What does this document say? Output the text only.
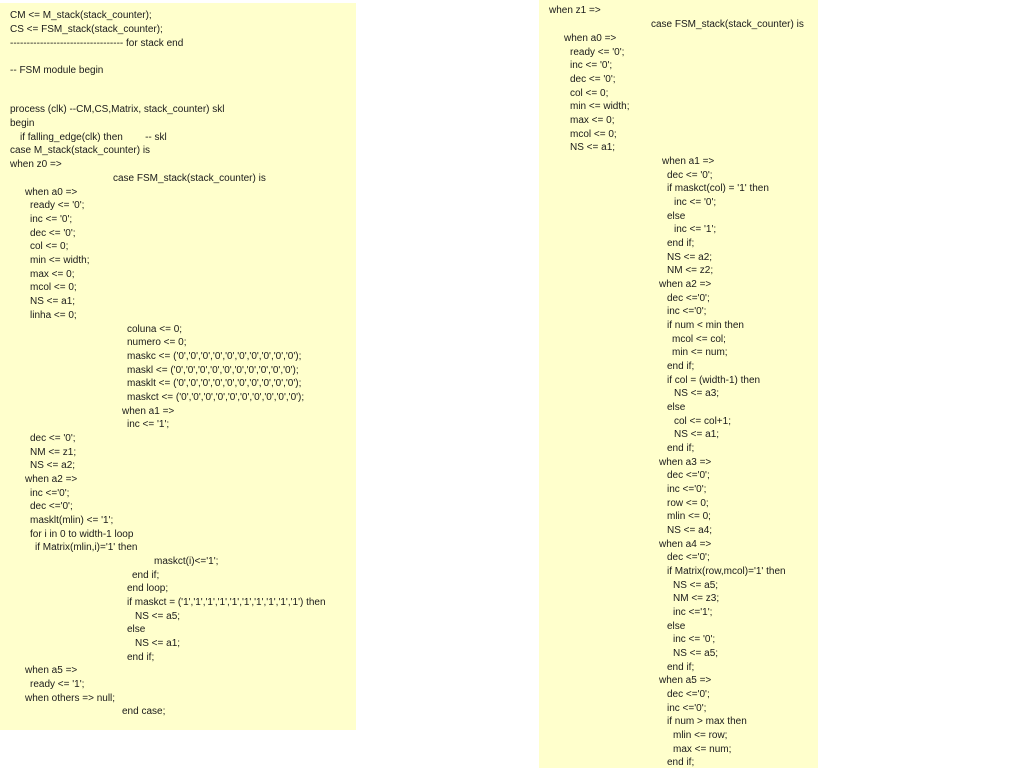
CM <= M_stack(stack_counter);
CS <= FSM_stack(stack_counter);
---------------------------------- for stack end
-- FSM module begin
process (clk) --CM,CS,Matrix, stack_counter) skl
begin
if falling_edge(clk) then        -- skl
case M_stack(stack_counter) is
when z0 =>
case FSM_stack(stack_counter) is
when a0 =>
ready <= '0';
inc <= '0';
dec <= '0';
col <= 0;
min <= width;
max <= 0;
mcol <= 0;
NS <= a1;
linha <= 0;
coluna <= 0;
numero <= 0;
maskc <= ('0','0','0','0','0','0','0','0','0','0');
maskl <= ('0','0','0','0','0','0','0','0','0','0');
masklt <= ('0','0','0','0','0','0','0','0','0','0');
maskct <= ('0','0','0','0','0','0','0','0','0','0');
when a1 =>
inc <= '1';
dec <= '0';
NM <= z1;
NS <= a2;
when a2 =>
inc <='0';
dec <='0';
masklt(mlin) <= '1';
for i in 0 to width-1 loop
if Matrix(mlin,i)='1' then
maskct(i)<='1';
end if;
end loop;
if maskct = ('1','1','1','1','1','1','1','1','1','1') then
NS <= a5;
else
NS <= a1;
end if;
when a5 =>
ready <= '1';
when others => null;
end case;
when z1 =>
case FSM_stack(stack_counter) is
when a0 =>
ready <= '0';
inc <= '0';
dec <= '0';
col <= 0;
min <= width;
max <= 0;
mcol <= 0;
NS <= a1;
when a1 =>
dec <= '0';
if maskct(col) = '1' then
inc <= '0';
else
inc <= '1';
end if;
NS <= a2;
NM <= z2;
when a2 =>
dec <='0';
inc <='0';
if num < min then
mcol <= col;
min <= num;
end if;
if col = (width-1) then
NS <= a3;
else
col <= col+1;
NS <= a1;
end if;
when a3 =>
dec <='0';
inc <='0';
row <= 0;
mlin <= 0;
NS <= a4;
when a4 =>
dec <='0';
if Matrix(row,mcol)='1' then
NS <= a5;
NM <= z3;
inc <='1';
else
inc <= '0';
NS <= a5;
end if;
when a5 =>
dec <='0';
inc <='0';
if num > max then
mlin <= row;
max <= num;
end if;
